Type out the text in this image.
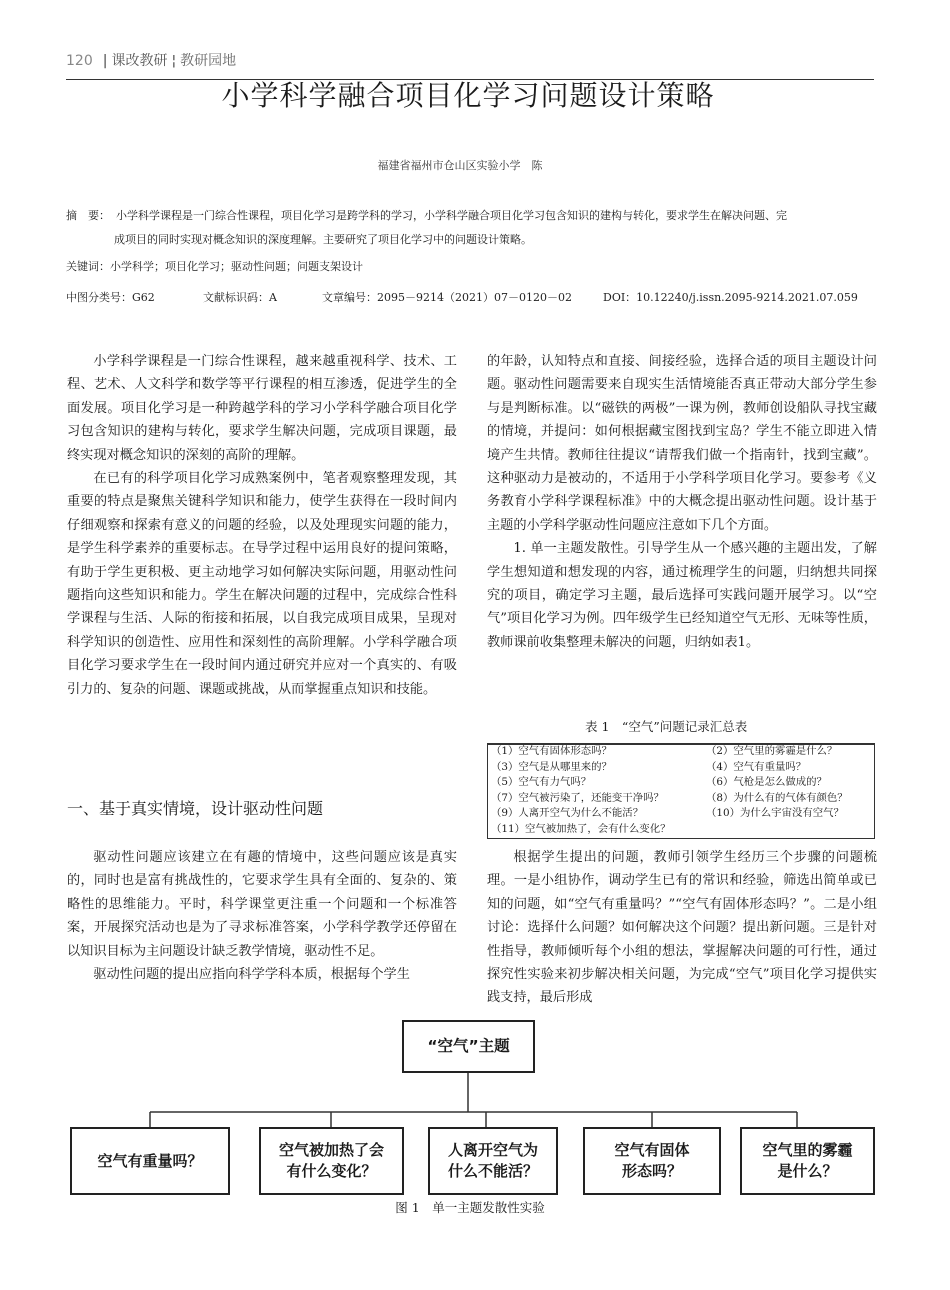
120 | 课改教研 ¦ 教研园地
小学科学融合项目化学习问题设计策略
福建省福州市仓山区实验小学　陈
摘　要： 小学科学课程是一门综合性课程，项目化学习是跨学科的学习，小学科学融合项目化学习包含知识的建构与转化，要求学生在解决问题、完
成项目的同时实现对概念知识的深度理解。主要研究了项目化学习中的问题设计策略。
关键词：小学科学；项目化学习；驱动性问题；问题支架设计
中图分类号：G62	文献标识码：A	文章编号：2095－9214（2021）07－0120－02	DOI：10.12240/j.issn.2095-9214.2021.07.059

小学科学课程是一门综合性课程，越来越重视科学、技术、工程、艺术、人文科学和数学等平行课程的相互渗透，促进学生的全面发展。项目化学习是一种跨越学科的学习小学科学融合项目化学习包含知识的建构与转化，要求学生解决问题，完成项目课题，最终实现对概念知识的深刻的高阶的理解。

在已有的科学项目化学习成熟案例中，笔者观察整理发现，其重要的特点是聚焦关键科学知识和能力，使学生获得在一段时间内仔细观察和探索有意义的问题的经验，以及处理现实问题的能力，是学生科学素养的重要标志。在导学过程中运用良好的提问策略，有助于学生更积极、更主动地学习如何解决实际问题，用驱动性问题指向这些知识和能力。学生在解决问题的过程中，完成综合性科学课程与生活、人际的衔接和拓展，以自我完成项目成果，呈现对科学知识的创造性、应用性和深刻性的高阶理解。小学科学融合项目化学习要求学生在一段时间内通过研究并应对一个真实的、有吸引力的、复杂的问题、课题或挑战，从而掌握重点知识和技能。

一、基于真实情境，设计驱动性问题

驱动性问题应该建立在有趣的情境中，这些问题应该是真实的，同时也是富有挑战性的，它要求学生具有全面的、复杂的、策略性的思维能力。平时，科学课堂更注重一个问题和一个标准答案，开展探究活动也是为了寻求标准答案，小学科学教学还停留在以知识目标为主问题设计缺乏教学情境，驱动性不足。

驱动性问题的提出应指向科学学科本质，根据每个学生

的年龄，认知特点和直接、间接经验，选择合适的项目主题设计问题。驱动性问题需要来自现实生活情境能否真正带动大部分学生参与是判断标准。以“磁铁的两极”一课为例，教师创设船队寻找宝藏的情境，并提问：如何根据藏宝图找到宝岛？学生不能立即进入情境产生共情。教师往往提议“请帮我们做一个指南针，找到宝藏”。这种驱动力是被动的，不适用于小学科学项目化学习。要参考《义务教育小学科学课程标准》中的大概念提出驱动性问题。设计基于主题的小学科学驱动性问题应注意如下几个方面。

1. 单一主题发散性。引导学生从一个感兴趣的主题出发，了解学生想知道和想发现的内容，通过梳理学生的问题，归纳想共同探究的项目，确定学习主题，最后选择可实践问题开展学习。以“空气”项目化学习为例。四年级学生已经知道空气无形、无味等性质，教师课前收集整理未解决的问题，归纳如表1。

表 1　“空气”问题记录汇总表
（1）空气有固体形态吗？	（2）空气里的雾霾是什么？
（3）空气是从哪里来的？	（4）空气有重量吗？
（5）空气有力气吗？	（6）气枪是怎么做成的？
（7）空气被污染了，还能变干净吗？	（8）为什么有的气体有颜色？
（9）人离开空气为什么不能活？	（10）为什么宇宙没有空气？
（11）空气被加热了，会有什么变化？

根据学生提出的问题，教师引领学生经历三个步骤的问题梳理。一是小组协作，调动学生已有的常识和经验，筛选出简单或已知的问题，如“空气有重量吗？”“空气有固体形态吗？”。二是小组讨论：选择什么问题？如何解决这个问题？提出新问题。三是针对性指导，教师倾听每个小组的想法，掌握解决问题的可行性，通过探究性实验来初步解决相关问题，为完成“空气”项目化学习提供实践支持，最后形成

“空气”主题
空气有重量吗？
空气被加热了会
有什么变化？
人离开空气为
什么不能活？
空气有固体
形态吗？
空气里的雾霾
是什么？
图 1　单一主题发散性实验
